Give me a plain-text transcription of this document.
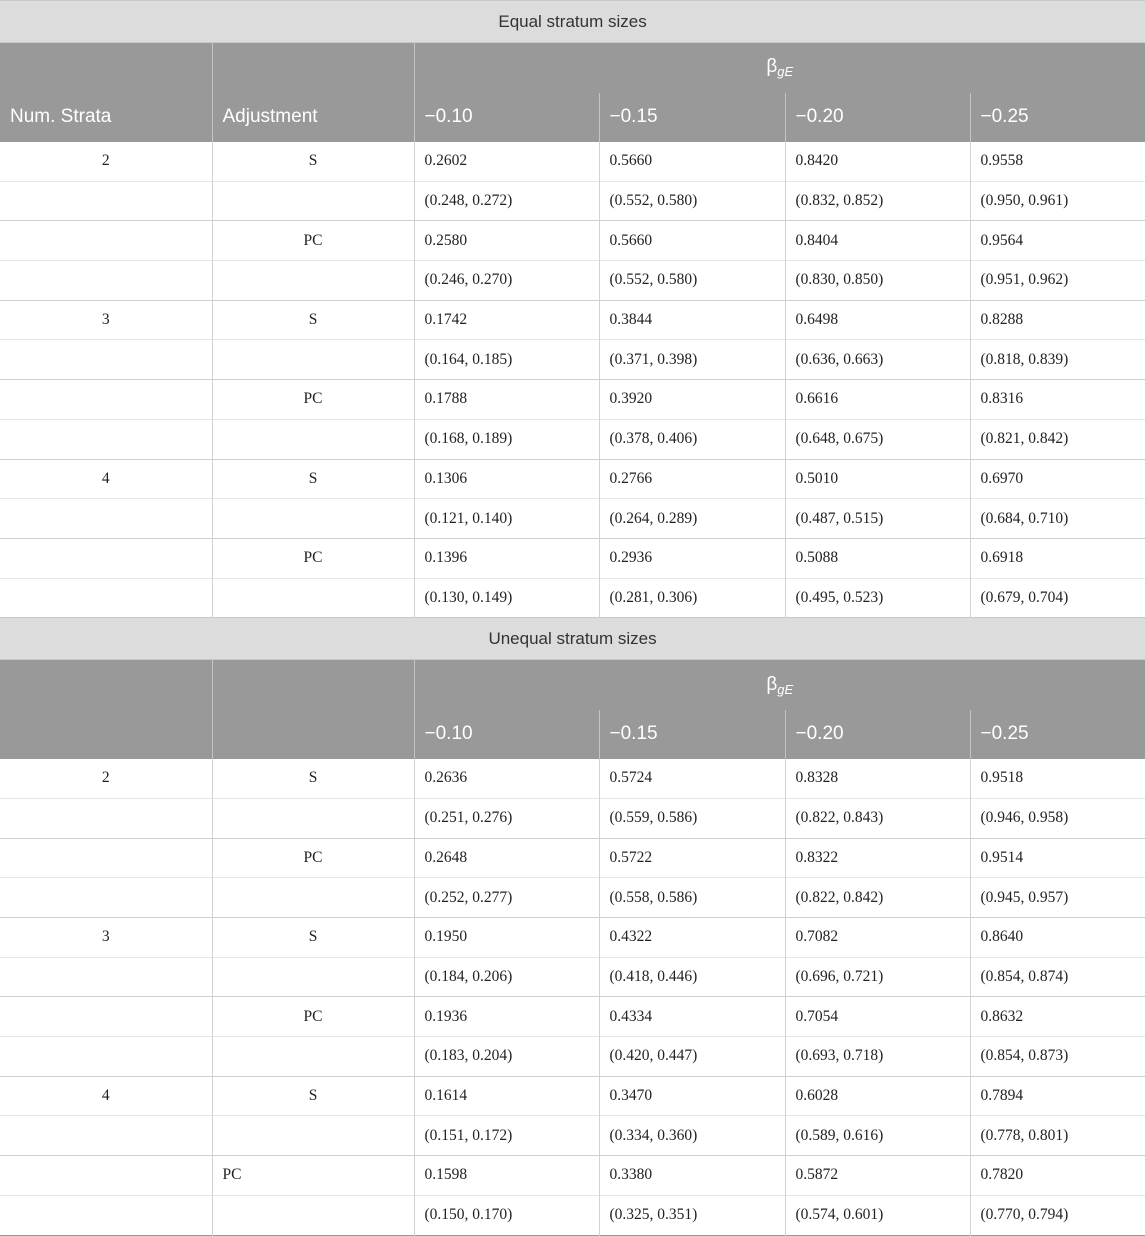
Equal stratum sizes					
		$\beta_{gE}$
Num. Strata	Adjustment	−0.10	−0.15	−0.20	−0.25
2	S	0.2602	0.5660	0.8420	0.9558
		(0.248, 0.272)	(0.552, 0.580)	(0.832, 0.852)	(0.950, 0.961)
	PC	0.2580	0.5660	0.8404	0.9564
		(0.246, 0.270)	(0.552, 0.580)	(0.830, 0.850)	(0.951, 0.962)
3	S	0.1742	0.3844	0.6498	0.8288
		(0.164, 0.185)	(0.371, 0.398)	(0.636, 0.663)	(0.818, 0.839)
	PC	0.1788	0.3920	0.6616	0.8316
		(0.168, 0.189)	(0.378, 0.406)	(0.648, 0.675)	(0.821, 0.842)
4	S	0.1306	0.2766	0.5010	0.6970
		(0.121, 0.140)	(0.264, 0.289)	(0.487, 0.515)	(0.684, 0.710)
	PC	0.1396	0.2936	0.5088	0.6918
		(0.130, 0.149)	(0.281, 0.306)	(0.495, 0.523)	(0.679, 0.704)
Unequal stratum sizes					
		$\beta_{gE}$
		−0.10	−0.15	−0.20	−0.25
2	S	0.2636	0.5724	0.8328	0.9518
		(0.251, 0.276)	(0.559, 0.586)	(0.822, 0.843)	(0.946, 0.958)
	PC	0.2648	0.5722	0.8322	0.9514
		(0.252, 0.277)	(0.558, 0.586)	(0.822, 0.842)	(0.945, 0.957)
3	S	0.1950	0.4322	0.7082	0.8640
		(0.184, 0.206)	(0.418, 0.446)	(0.696, 0.721)	(0.854, 0.874)
	PC	0.1936	0.4334	0.7054	0.8632
		(0.183, 0.204)	(0.420, 0.447)	(0.693, 0.718)	(0.854, 0.873)
4	S	0.1614	0.3470	0.6028	0.7894
		(0.151, 0.172)	(0.334, 0.360)	(0.589, 0.616)	(0.778, 0.801)
	PC	0.1598	0.3380	0.5872	0.7820
		(0.150, 0.170)	(0.325, 0.351)	(0.574, 0.601)	(0.770, 0.794)
